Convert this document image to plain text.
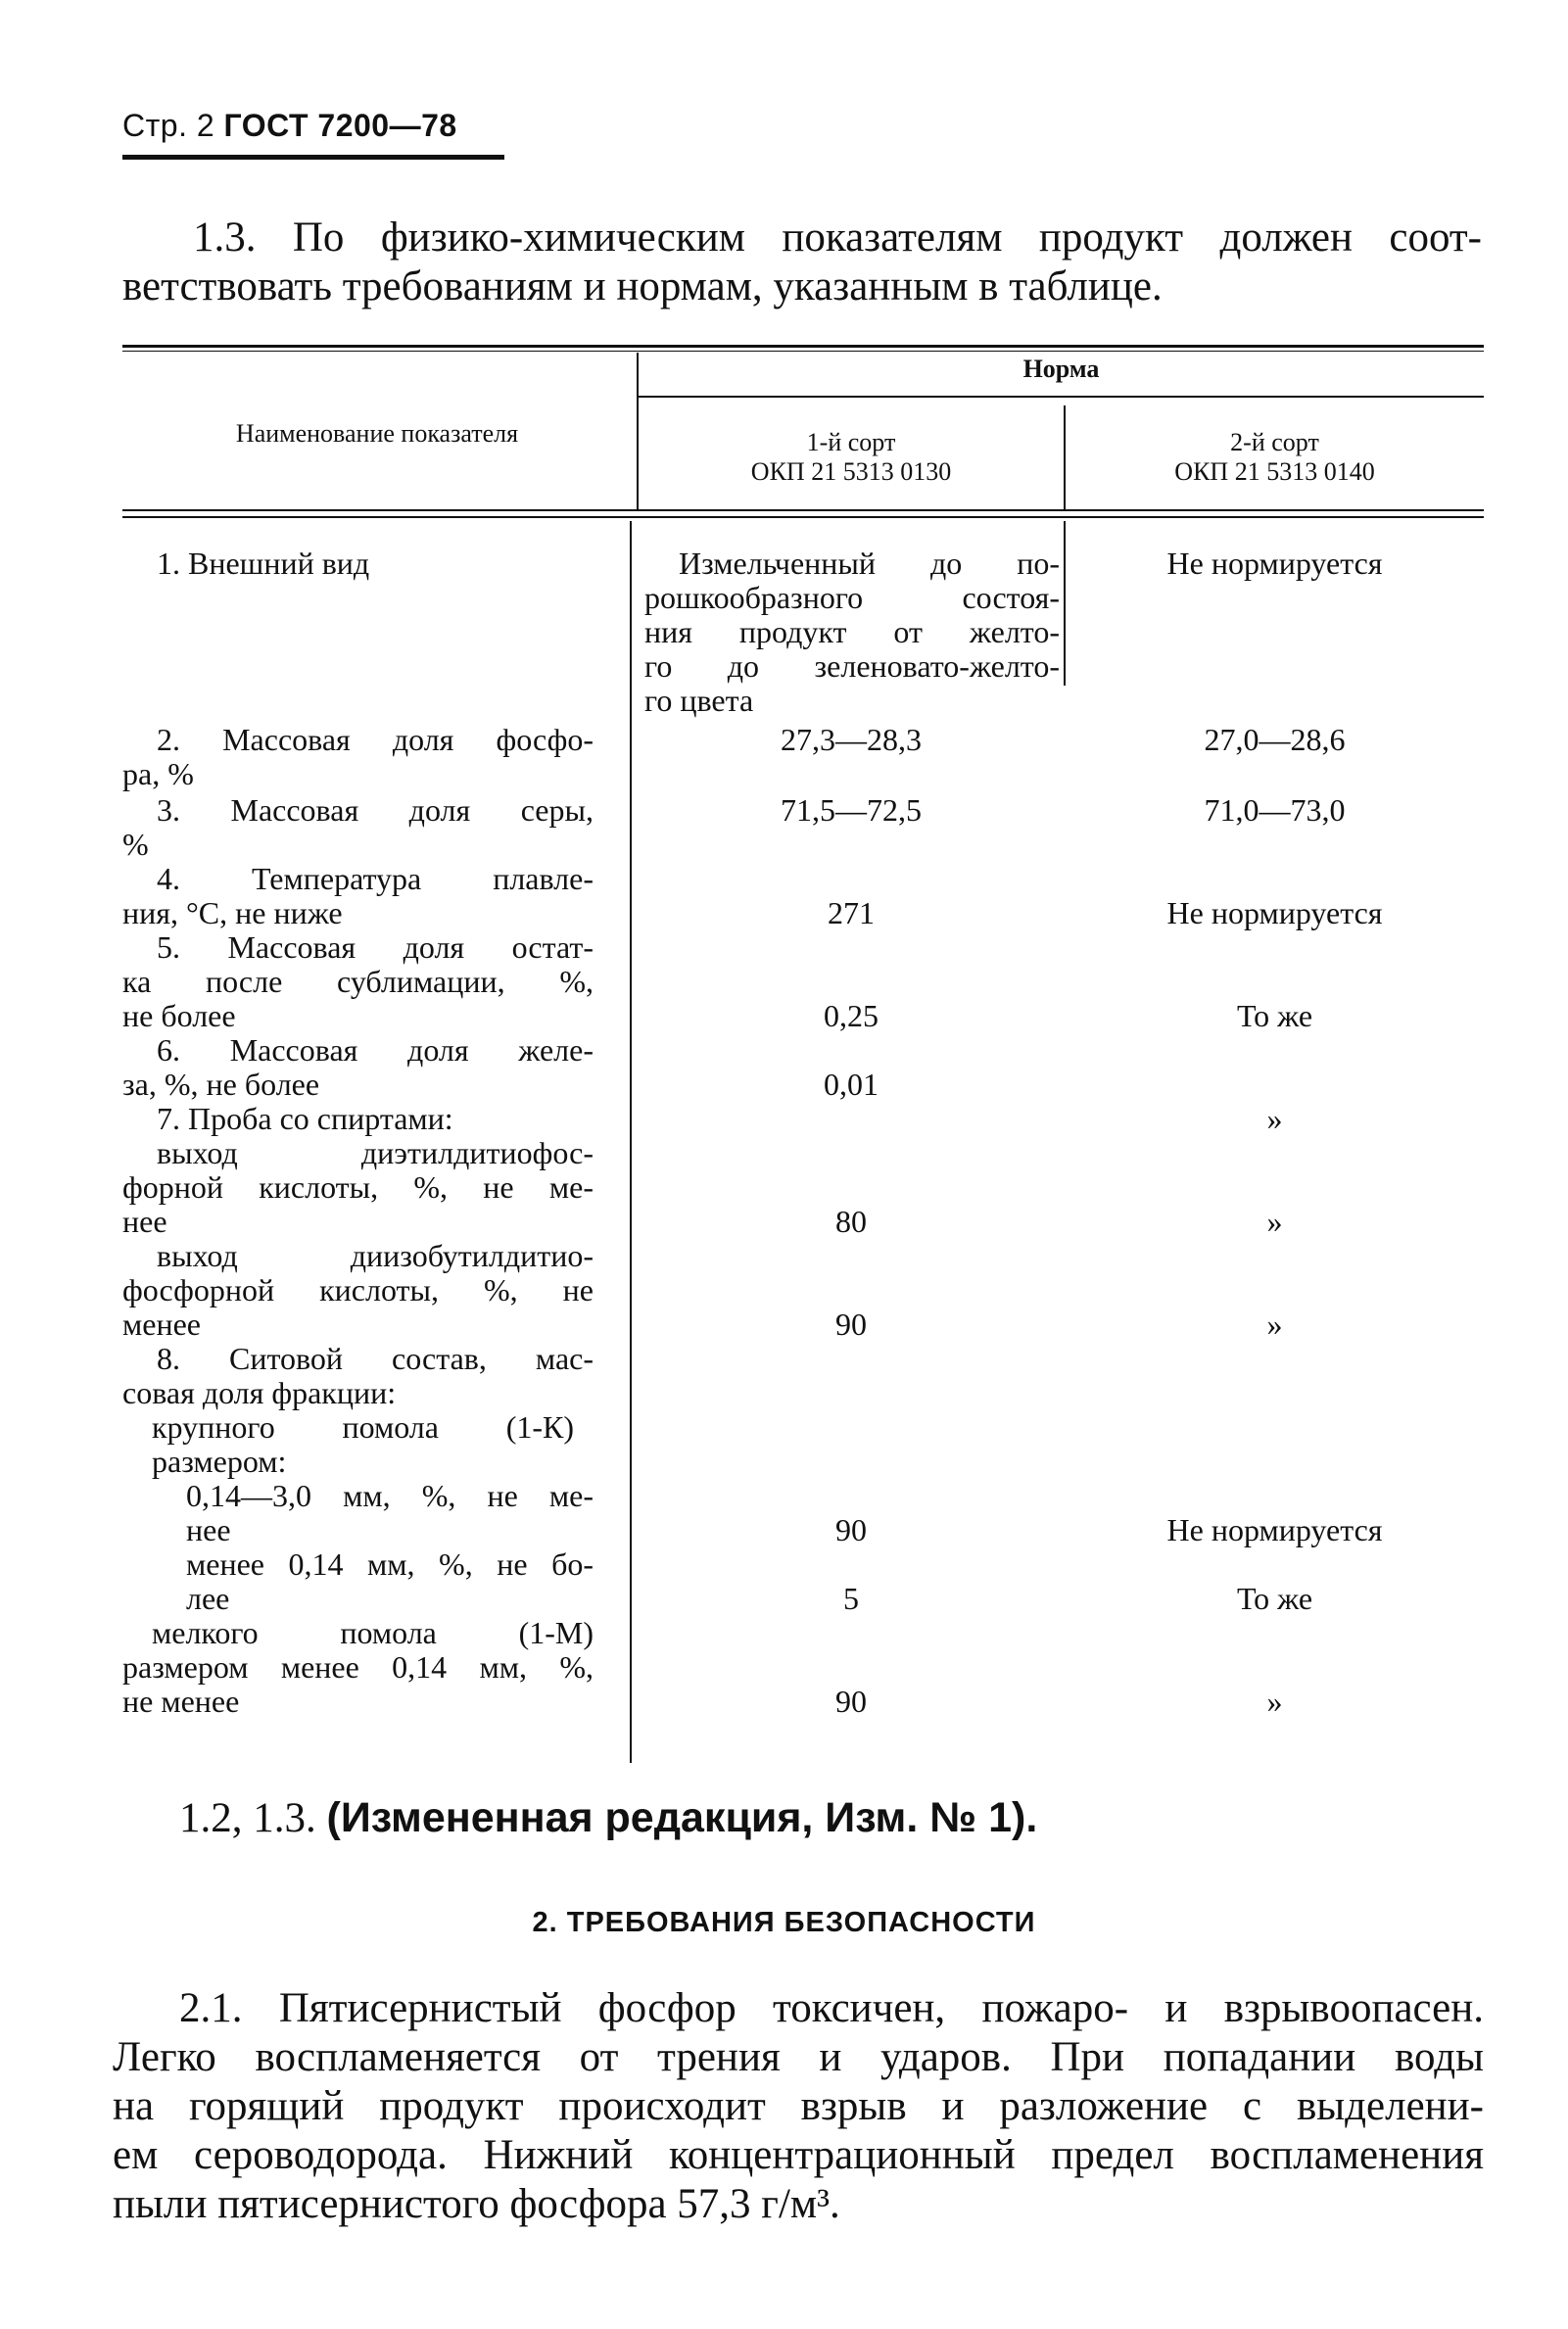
Стр. 2 ГОСТ 7200—78
1.3. По физико-химическим показателям продукт должен соот-
ветствовать требованиям и нормам, указанным в таблице.
Наименование показателя
Норма
1-й сорт
ОКП 21 5313 0130
2-й сорт
ОКП 21 5313 0140
1. Внешний вид
2. Массовая доля фосфо-
ра, %
3. Массовая доля серы,
%
4. Температура плавле-
ния, °С, не ниже
5. Массовая доля остат-
ка после сублимации, %,
не более
6. Массовая доля желе-
за, %, не более
7. Проба со спиртами:
выход диэтилдитиофос-
форной кислоты, %, не ме-
нее
выход диизобутилдитио-
фосфорной кислоты, %, не
менее
8. Ситовой состав, мас-
совая доля фракции:
крупного помола (1-К)
размером:
0,14—3,0 мм, %, не ме-
нее
менее 0,14 мм, %, не бо-
лее
мелкого помола (1-М)
размером менее 0,14 мм, %,
не менее
Измельченный до по-
рошкообразного состоя-
ния продукт от желто-
го до зеленовато-желто-
го цвета
27,3—28,3
71,5—72,5
271
0,25
0,01
80
90
90
5
90
Не нормируется
27,0—28,6
71,0—73,0
Не нормируется
То же
»
»
»
Не нормируется
То же
»
1.2, 1.3. (Измененная редакция, Изм. № 1).
2. ТРЕБОВАНИЯ БЕЗОПАСНОСТИ
2.1. Пятисернистый фосфор токсичен, пожаро- и взрывоопасен.
Легко воспламеняется от трения и ударов. При попадании воды
на горящий продукт происходит взрыв и разложение с выделени-
ем сероводорода. Нижний концентрационный предел воспламенения
пыли пятисернистого фосфора 57,3 г/м³.
